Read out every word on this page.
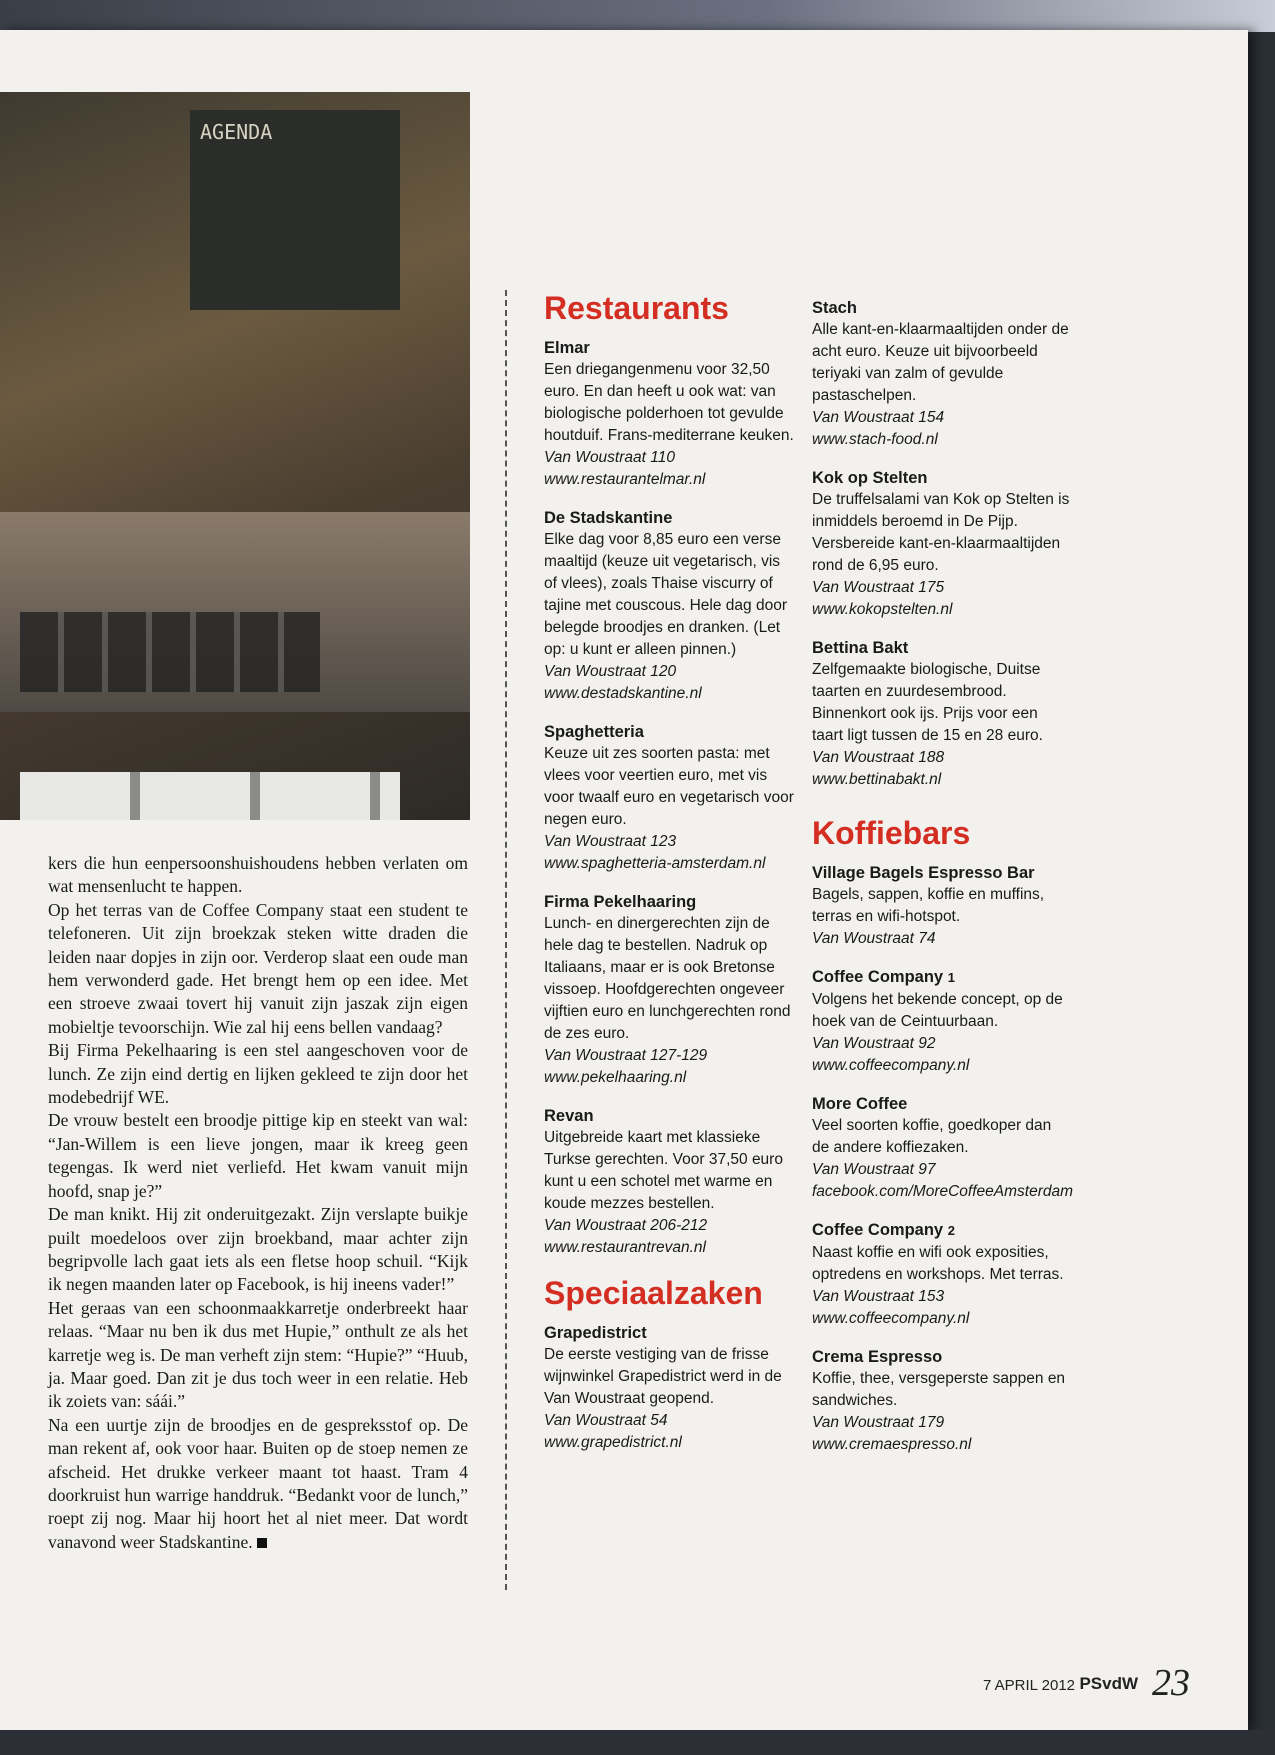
AGENDA

kers die hun eenpersoonshuishoudens hebben verlaten om wat mensenlucht te happen.

Op het terras van de Coffee Company staat een student te telefoneren. Uit zijn broekzak steken witte draden die leiden naar dopjes in zijn oor. Verderop slaat een oude man hem verwonderd gade. Het brengt hem op een idee. Met een stroeve zwaai tovert hij vanuit zijn jaszak zijn eigen mobieltje tevoorschijn. Wie zal hij eens bellen vandaag?

Bij Firma Pekelhaaring is een stel aangeschoven voor de lunch. Ze zijn eind dertig en lijken gekleed te zijn door het modebedrijf WE.

De vrouw bestelt een broodje pittige kip en steekt van wal: “Jan-Willem is een lieve jongen, maar ik kreeg geen tegengas. Ik werd niet verliefd. Het kwam vanuit mijn hoofd, snap je?”

De man knikt. Hij zit onderuitgezakt. Zijn verslapte buikje puilt moedeloos over zijn broekband, maar achter zijn begripvolle lach gaat iets als een fletse hoop schuil. “Kijk ik negen maanden later op Facebook, is hij ineens vader!”

Het geraas van een schoonmaakkarretje onderbreekt haar relaas. “Maar nu ben ik dus met Hupie,” onthult ze als het karretje weg is. De man verheft zijn stem: “Hupie?” “Huub, ja. Maar goed. Dan zit je dus toch weer in een relatie. Heb ik zoiets van: sáái.”

Na een uurtje zijn de broodjes en de gespreksstof op. De man rekent af, ook voor haar. Buiten op de stoep nemen ze afscheid. Het drukke verkeer maant tot haast. Tram 4 doorkruist hun warrige handdruk. “Bedankt voor de lunch,” roept zij nog. Maar hij hoort het al niet meer. Dat wordt vanavond weer Stadskantine.

Restaurants
Elmar
Een driegangenmenu voor 32,50 euro. En dan heeft u ook wat: van biologische polderhoen tot gevulde houtduif. Frans-mediterrane keuken.
Van Woustraat 110
www.restaurantelmar.nl
De Stadskantine
Elke dag voor 8,85 euro een verse maaltijd (keuze uit vegetarisch, vis of vlees), zoals Thaise viscurry of tajine met couscous. Hele dag door belegde broodjes en dranken. (Let op: u kunt er alleen pinnen.)
Van Woustraat 120
www.destadskantine.nl
Spaghetteria
Keuze uit zes soorten pasta: met vlees voor veertien euro, met vis voor twaalf euro en vegetarisch voor negen euro.
Van Woustraat 123
www.spaghetteria-amsterdam.nl
Firma Pekelhaaring
Lunch- en dinergerechten zijn de hele dag te bestellen. Nadruk op Italiaans, maar er is ook Bretonse vissoep. Hoofdgerechten ongeveer vijftien euro en lunchgerechten rond de zes euro.
Van Woustraat 127-129
www.pekelhaaring.nl
Revan
Uitgebreide kaart met klassieke Turkse gerechten. Voor 37,50 euro kunt u een schotel met warme en koude mezzes bestellen.
Van Woustraat 206-212
www.restaurantrevan.nl
Speciaalzaken
Grapedistrict
De eerste vestiging van de frisse wijnwinkel Grapedistrict werd in de Van Woustraat geopend.
Van Woustraat 54
www.grapedistrict.nl
Stach
Alle kant-en-klaarmaaltijden onder de acht euro. Keuze uit bijvoorbeeld teriyaki van zalm of gevulde pastaschelpen.
Van Woustraat 154
www.stach-food.nl
Kok op Stelten
De truffelsalami van Kok op Stelten is inmiddels beroemd in De Pijp. Versbereide kant-en-klaarmaaltijden rond de 6,95 euro.
Van Woustraat 175
www.kokopstelten.nl
Bettina Bakt
Zelfgemaakte biologische, Duitse taarten en zuurdesembrood. Binnenkort ook ijs. Prijs voor een taart ligt tussen de 15 en 28 euro.
Van Woustraat 188
www.bettinabakt.nl
Koffiebars
Village Bagels Espresso Bar
Bagels, sappen, koffie en muffins, terras en wifi-hotspot.
Van Woustraat 74
Coffee Company 1
Volgens het bekende concept, op de hoek van de Ceintuurbaan.
Van Woustraat 92
www.coffeecompany.nl
More Coffee
Veel soorten koffie, goedkoper dan de andere koffiezaken.
Van Woustraat 97
facebook.com/MoreCoffeeAmsterdam
Coffee Company 2
Naast koffie en wifi ook exposities, optredens en workshops. Met terras.
Van Woustraat 153
www.coffeecompany.nl
Crema Espresso
Koffie, thee, versgeperste sappen en sandwiches.
Van Woustraat 179
www.cremaespresso.nl
7 APRIL 2012 PSvdW 23
